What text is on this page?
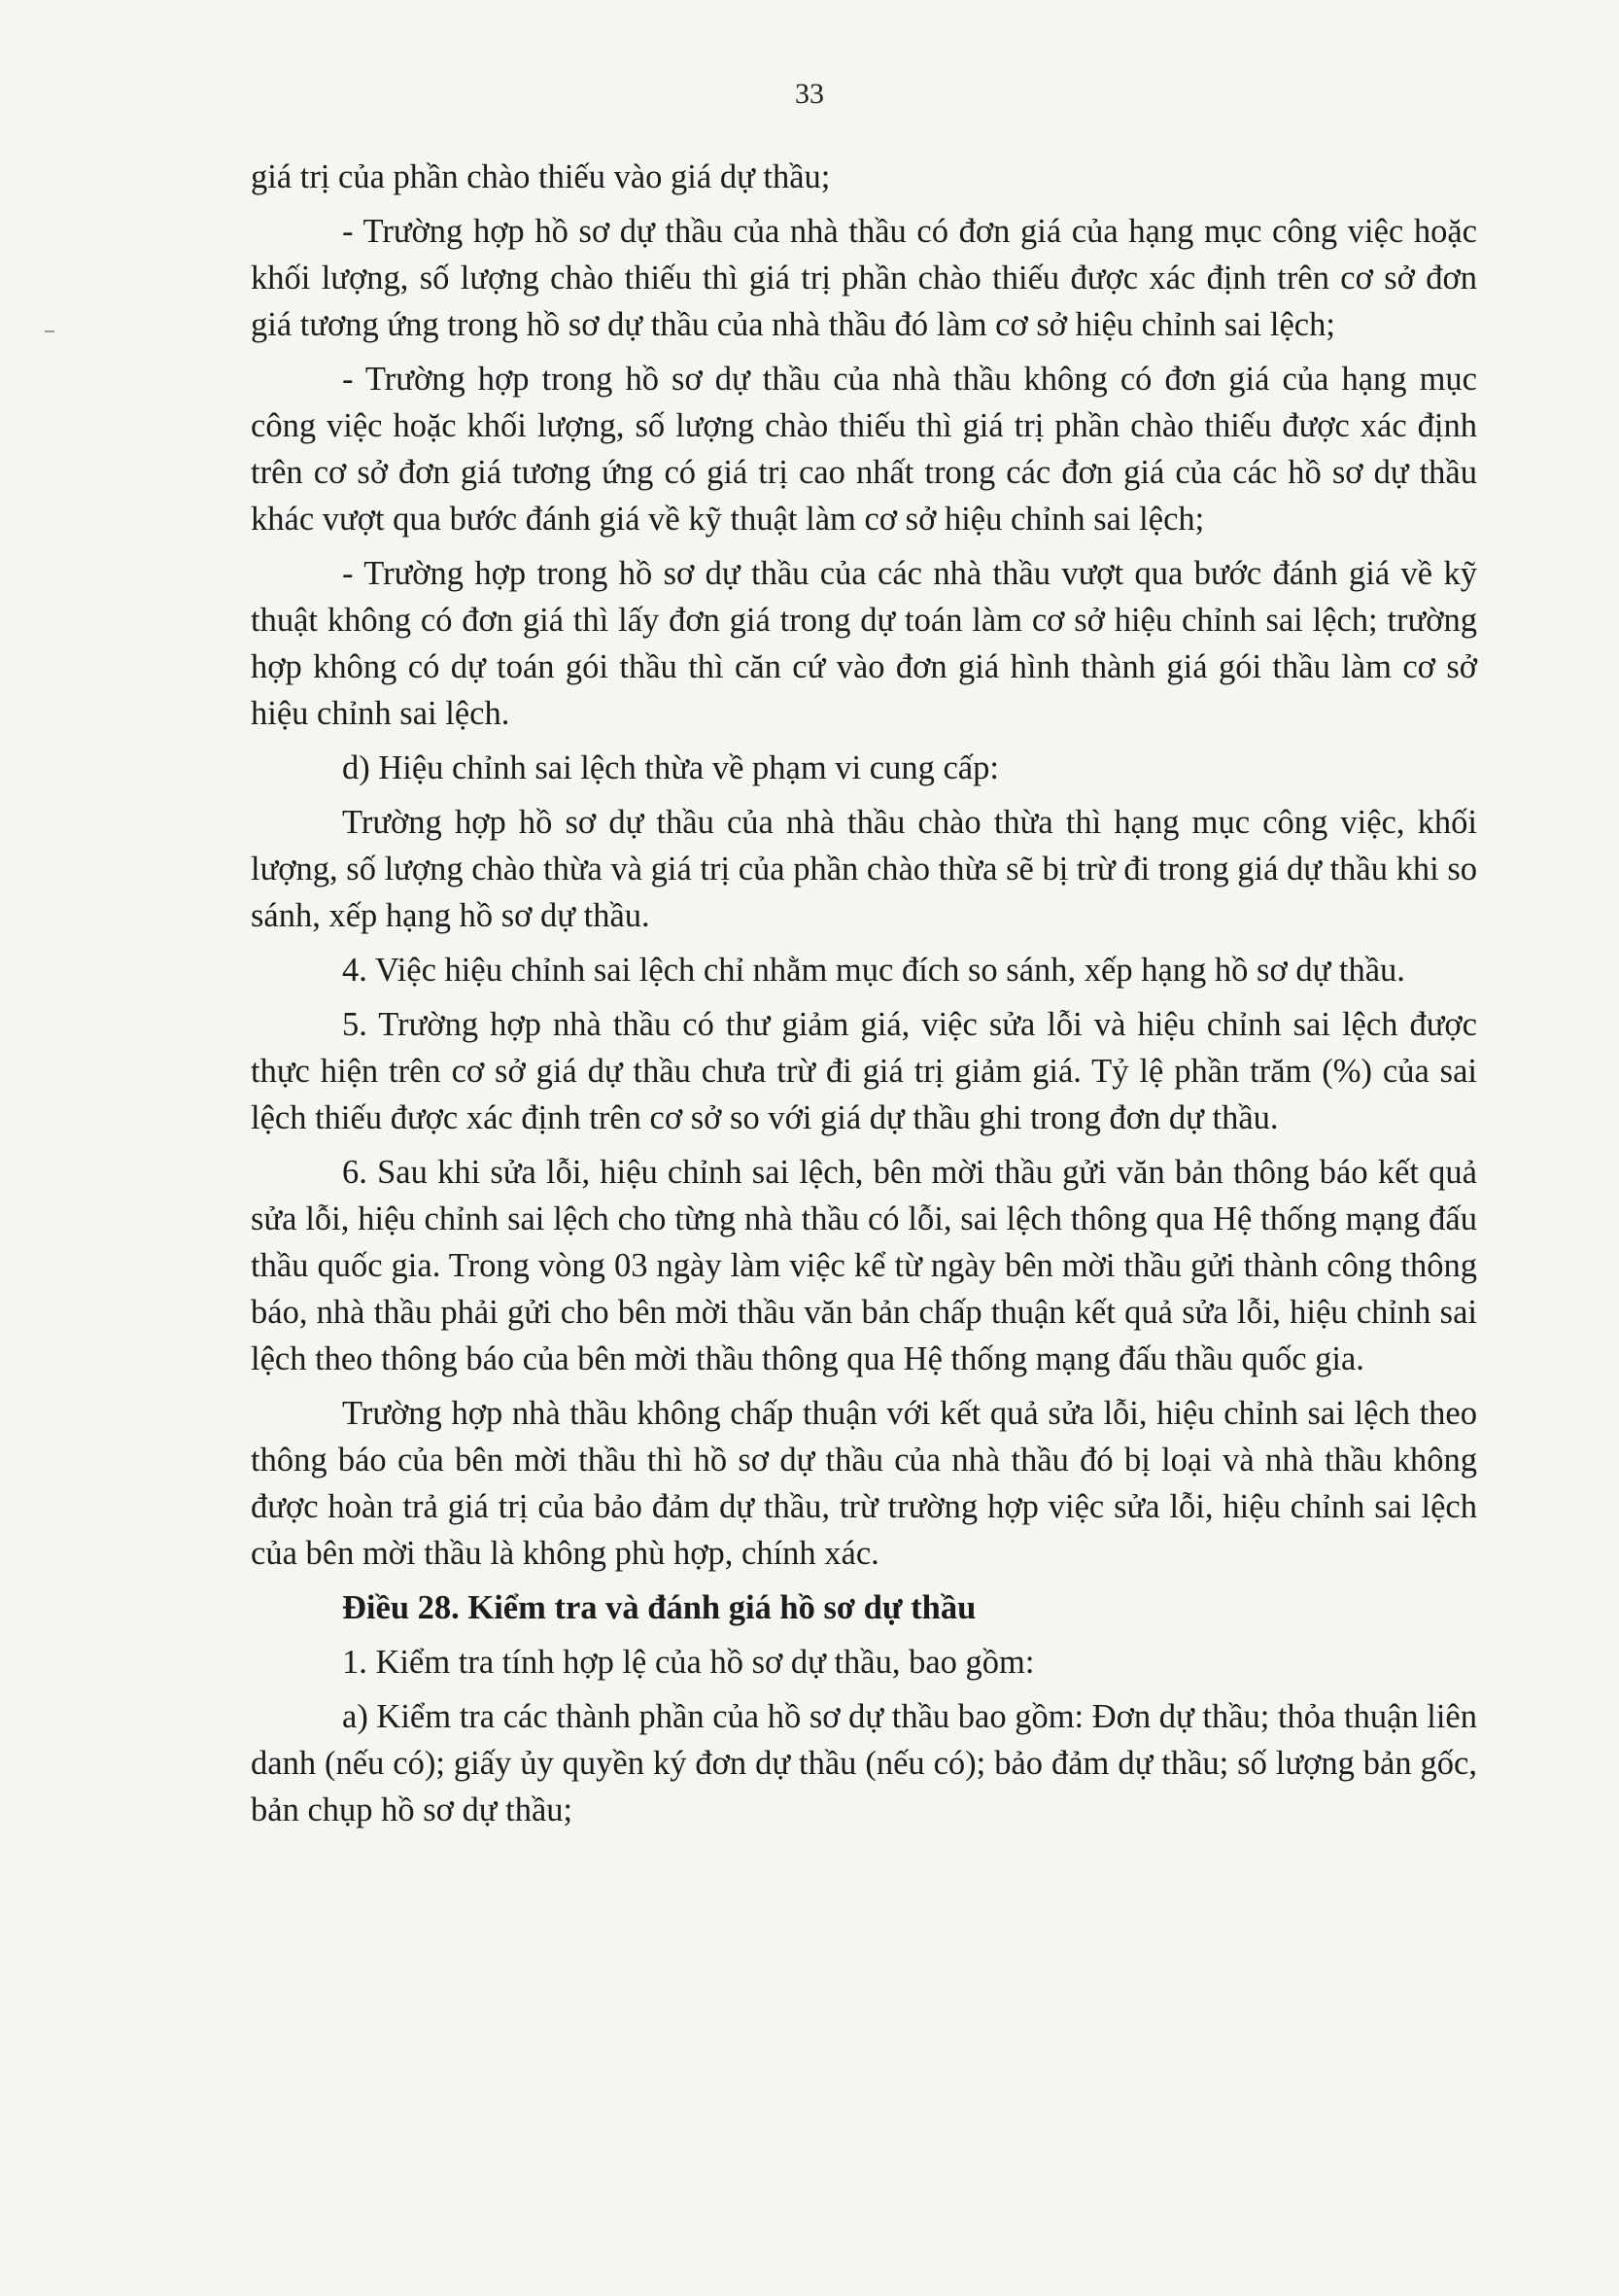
33

giá trị của phần chào thiếu vào giá dự thầu;

- Trường hợp hồ sơ dự thầu của nhà thầu có đơn giá của hạng mục công việc hoặc khối lượng, số lượng chào thiếu thì giá trị phần chào thiếu được xác định trên cơ sở đơn giá tương ứng trong hồ sơ dự thầu của nhà thầu đó làm cơ sở hiệu chỉnh sai lệch;

- Trường hợp trong hồ sơ dự thầu của nhà thầu không có đơn giá của hạng mục công việc hoặc khối lượng, số lượng chào thiếu thì giá trị phần chào thiếu được xác định trên cơ sở đơn giá tương ứng có giá trị cao nhất trong các đơn giá của các hồ sơ dự thầu khác vượt qua bước đánh giá về kỹ thuật làm cơ sở hiệu chỉnh sai lệch;

- Trường hợp trong hồ sơ dự thầu của các nhà thầu vượt qua bước đánh giá về kỹ thuật không có đơn giá thì lấy đơn giá trong dự toán làm cơ sở hiệu chỉnh sai lệch; trường hợp không có dự toán gói thầu thì căn cứ vào đơn giá hình thành giá gói thầu làm cơ sở hiệu chỉnh sai lệch.

d) Hiệu chỉnh sai lệch thừa về phạm vi cung cấp:

Trường hợp hồ sơ dự thầu của nhà thầu chào thừa thì hạng mục công việc, khối lượng, số lượng chào thừa và giá trị của phần chào thừa sẽ bị trừ đi trong giá dự thầu khi so sánh, xếp hạng hồ sơ dự thầu.

4. Việc hiệu chỉnh sai lệch chỉ nhằm mục đích so sánh, xếp hạng hồ sơ dự thầu.

5. Trường hợp nhà thầu có thư giảm giá, việc sửa lỗi và hiệu chỉnh sai lệch được thực hiện trên cơ sở giá dự thầu chưa trừ đi giá trị giảm giá. Tỷ lệ phần trăm (%) của sai lệch thiếu được xác định trên cơ sở so với giá dự thầu ghi trong đơn dự thầu.

6. Sau khi sửa lỗi, hiệu chỉnh sai lệch, bên mời thầu gửi văn bản thông báo kết quả sửa lỗi, hiệu chỉnh sai lệch cho từng nhà thầu có lỗi, sai lệch thông qua Hệ thống mạng đấu thầu quốc gia. Trong vòng 03 ngày làm việc kể từ ngày bên mời thầu gửi thành công thông báo, nhà thầu phải gửi cho bên mời thầu văn bản chấp thuận kết quả sửa lỗi, hiệu chỉnh sai lệch theo thông báo của bên mời thầu thông qua Hệ thống mạng đấu thầu quốc gia.

Trường hợp nhà thầu không chấp thuận với kết quả sửa lỗi, hiệu chỉnh sai lệch theo thông báo của bên mời thầu thì hồ sơ dự thầu của nhà thầu đó bị loại và nhà thầu không được hoàn trả giá trị của bảo đảm dự thầu, trừ trường hợp việc sửa lỗi, hiệu chỉnh sai lệch của bên mời thầu là không phù hợp, chính xác.

Điều 28. Kiểm tra và đánh giá hồ sơ dự thầu

1. Kiểm tra tính hợp lệ của hồ sơ dự thầu, bao gồm:

a) Kiểm tra các thành phần của hồ sơ dự thầu bao gồm: Đơn dự thầu; thỏa thuận liên danh (nếu có); giấy ủy quyền ký đơn dự thầu (nếu có); bảo đảm dự thầu; số lượng bản gốc, bản chụp hồ sơ dự thầu;
